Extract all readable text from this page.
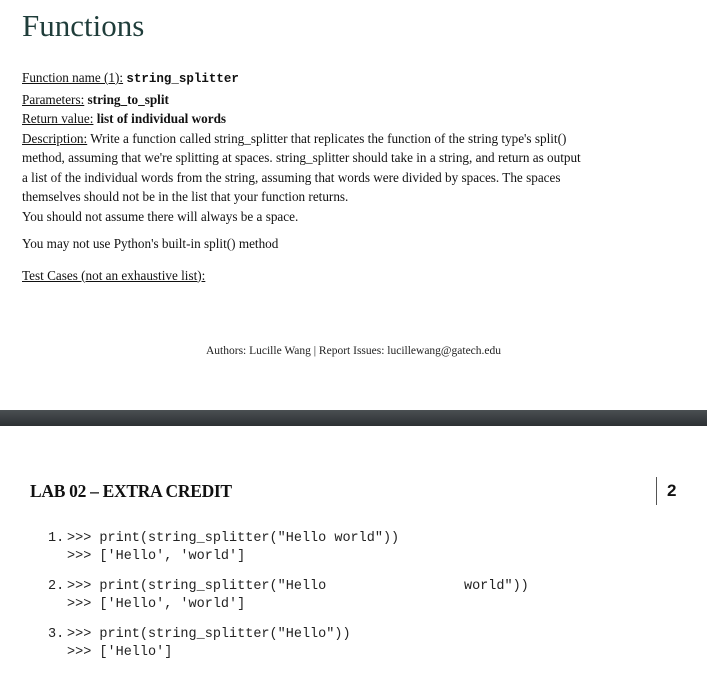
Functions
Function name (1): string_splitter
Parameters: string_to_split
Return value: list of individual words
Description: Write a function called string_splitter that replicates the function of the string type's split()
method, assuming that we're splitting at spaces. string_splitter should take in a string, and return as output
a list of the individual words from the string, assuming that words were divided by spaces. The spaces
themselves should not be in the list that your function returns.
You should not assume there will always be a space.
You may not use Python's built-in split() method
Test Cases (not an exhaustive list):
Authors: Lucille Wang | Report Issues: lucillewang@gatech.edu
LAB 02 – EXTRA CREDIT	2
1. >>> print(string_splitter("Hello world"))
>>> ['Hello', 'world']
2. >>> print(string_splitter("Hello                 world"))
>>> ['Hello', 'world']
3. >>> print(string_splitter("Hello"))
>>> ['Hello']
